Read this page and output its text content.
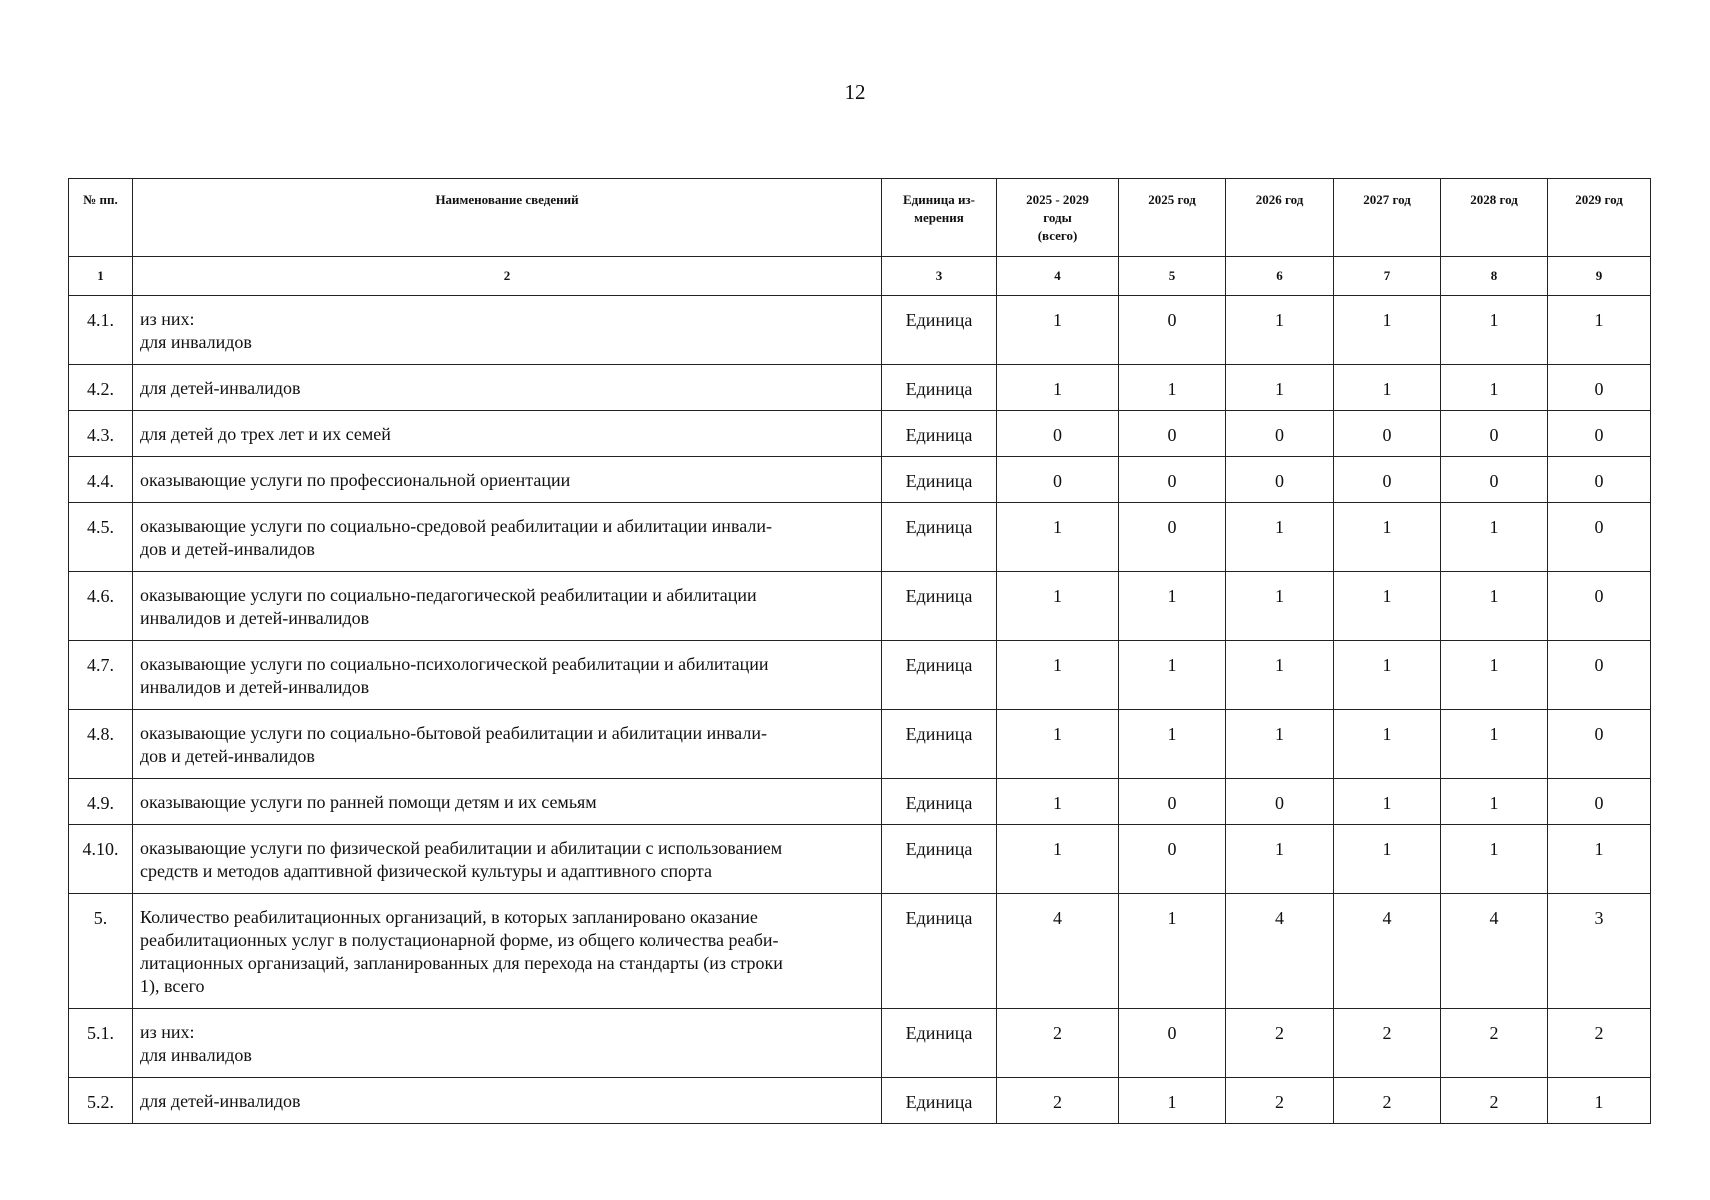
12
№ пп.	Наименование сведений	Единица из-
мерения	2025 - 2029
годы
(всего)	2025 год	2026 год	2027 год	2028 год	2029 год
1	2	3	4	5	6	7	8	9
4.1.	из них:
для инвалидов	Единица	1	0	1	1	1	1
4.2.	для детей-инвалидов	Единица	1	1	1	1	1	0
4.3.	для детей до трех лет и их семей	Единица	0	0	0	0	0	0
4.4.	оказывающие услуги по профессиональной ориентации	Единица	0	0	0	0	0	0
4.5.	оказывающие услуги по социально-средовой реабилитации и абилитации инвали-
дов и детей-инвалидов	Единица	1	0	1	1	1	0
4.6.	оказывающие услуги по социально-педагогической реабилитации и абилитации
инвалидов и детей-инвалидов	Единица	1	1	1	1	1	0
4.7.	оказывающие услуги по социально-психологической реабилитации и абилитации
инвалидов и детей-инвалидов	Единица	1	1	1	1	1	0
4.8.	оказывающие услуги по социально-бытовой реабилитации и абилитации инвали-
дов и детей-инвалидов	Единица	1	1	1	1	1	0
4.9.	оказывающие услуги по ранней помощи детям и их семьям	Единица	1	0	0	1	1	0
4.10.	оказывающие услуги по физической реабилитации и абилитации с использованием
средств и методов адаптивной физической культуры и адаптивного спорта	Единица	1	0	1	1	1	1
5.	Количество реабилитационных организаций, в которых запланировано оказание
реабилитационных услуг в полустационарной форме, из общего количества реаби-
литационных организаций, запланированных для перехода на стандарты (из строки
1), всего	Единица	4	1	4	4	4	3
5.1.	из них:
для инвалидов	Единица	2	0	2	2	2	2
5.2.	для детей-инвалидов	Единица	2	1	2	2	2	1
